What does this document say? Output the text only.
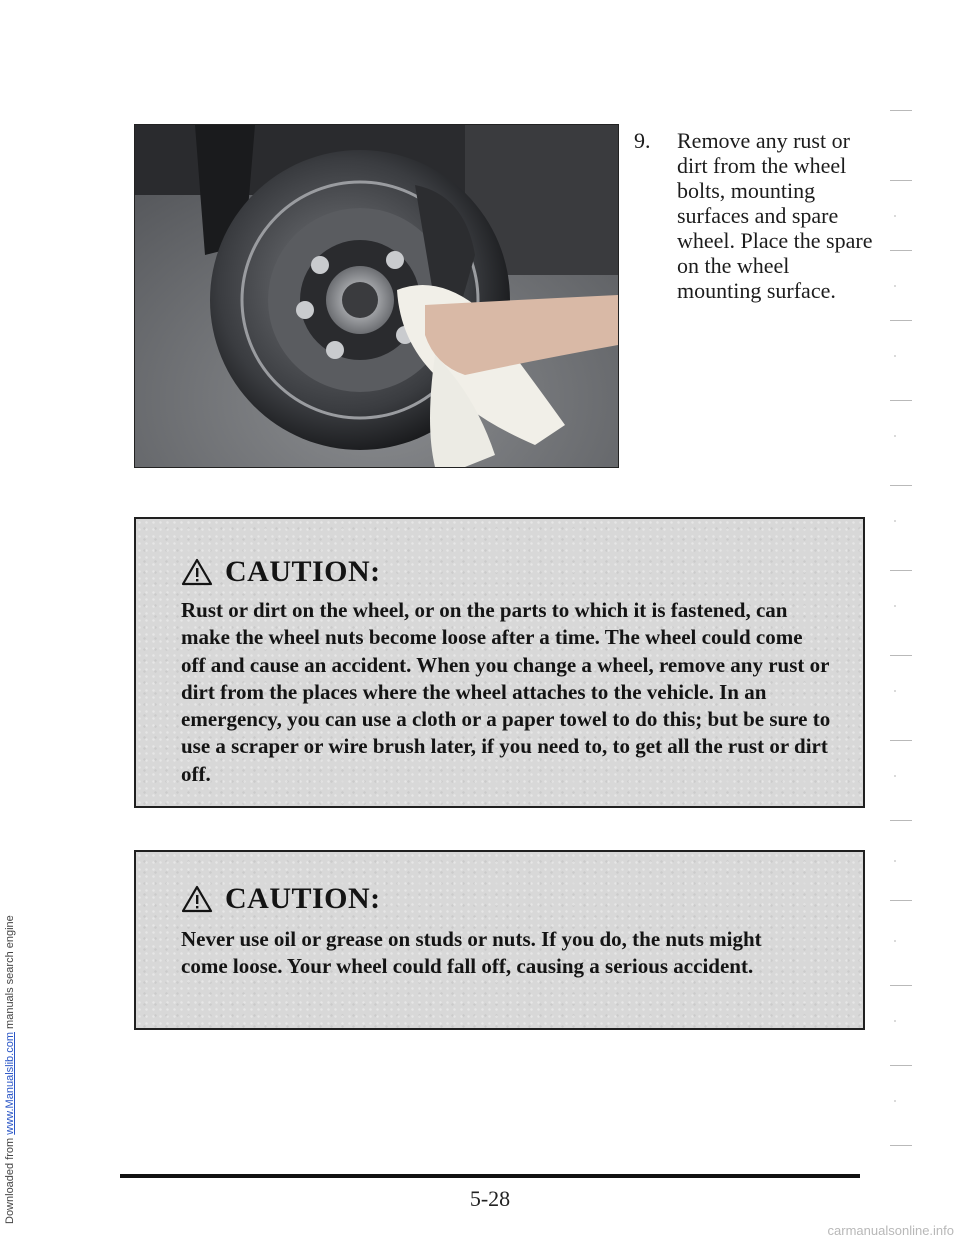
Downloaded from www.Manualslib.com manuals search engine
9. Remove any rust or dirt from the wheel bolts, mounting surfaces and spare wheel. Place the spare on the wheel mounting surface.
CAUTION:
Rust or dirt on the wheel, or on the parts to which it is fastened, can make the wheel nuts become loose after a time. The wheel could come off and cause an accident. When you change a wheel, remove any rust or dirt from the places where the wheel attaches to the vehicle. In an emergency, you can use a cloth or a paper towel to do this; but be sure to use a scraper or wire brush later, if you need to, to get all the rust or dirt off.
CAUTION:
Never use oil or grease on studs or nuts. If you do, the nuts might come loose. Your wheel could fall off, causing a serious accident.
5-28
carmanualsonline.info
